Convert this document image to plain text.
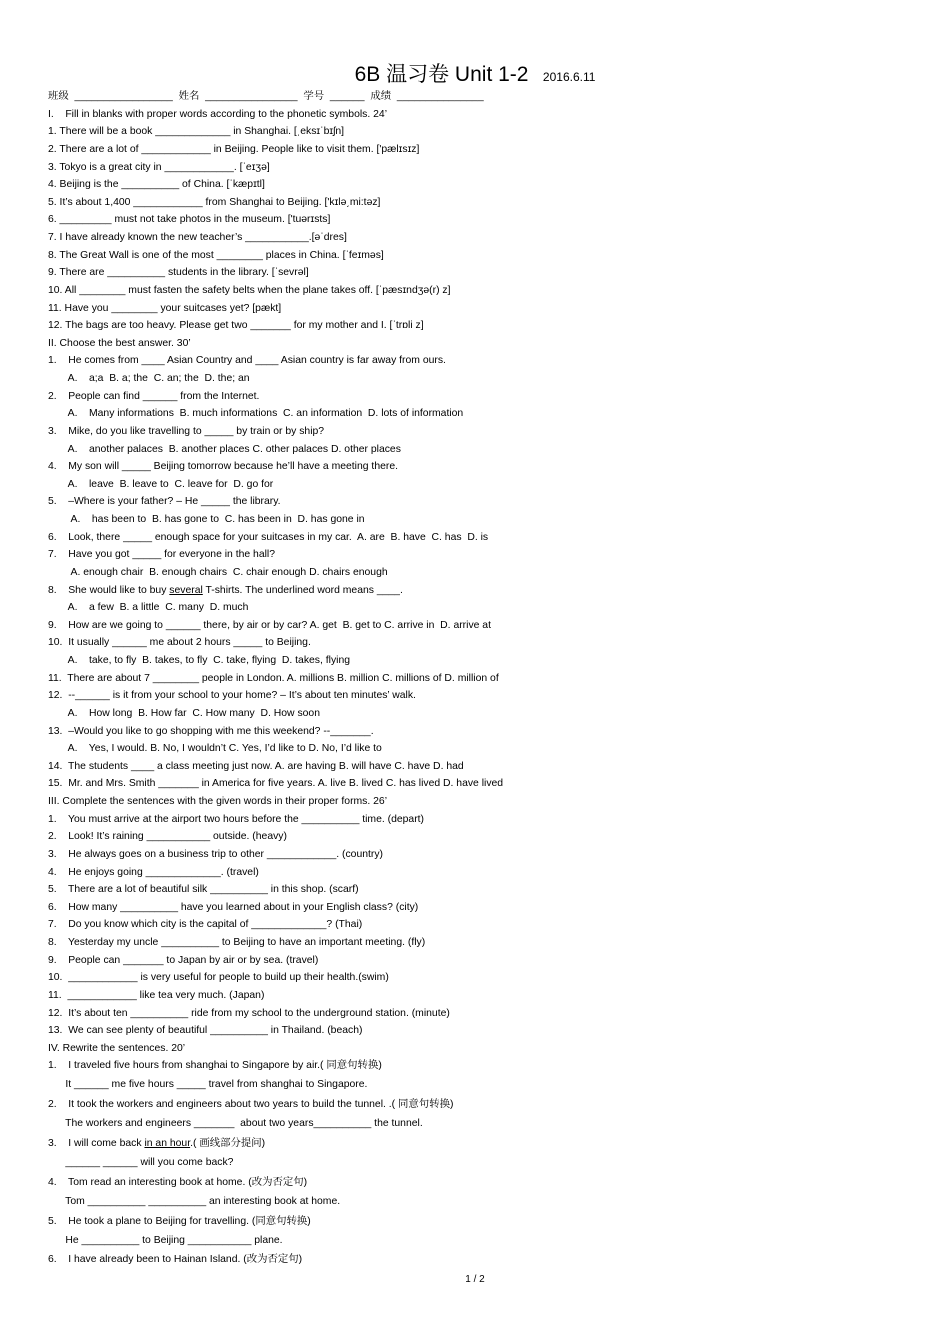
6B 温习卷 Unit 1-2 2016.6.11
班级  _________________  姓名  ________________  学号  ______  成绩  _______________
I.    Fill in blanks with proper words according to the phonetic symbols. 24’
1. There will be a book _____________ in Shanghai. [ˌeksɪˈbɪʃn]
2. There are a lot of ____________ in Beijing. People like to visit them. ['pælɪsɪz]
3. Tokyo is a great city in ____________. [ˈeɪʒə]
4. Beijing is the __________ of China. [ˈkæpɪtl]
5. It’s about 1,400 ____________ from Shanghai to Beijing. ['kɪlə͵mi:təz]
6. _________ must not take photos in the museum. ['tuərɪsts]
7. I have already known the new teacher’s ___________.[əˈdres]
8. The Great Wall is one of the most ________ places in China. [ˈfeɪməs]
9. There are __________ students in the library. [ˈsevrəl]
10. All ________ must fasten the safety belts when the plane takes off. [ˈpæsɪndʒə(r) z]
11. Have you ________ your suitcases yet? [pækt]
12. The bags are too heavy. Please get two _______ for my mother and I. [ˈtrɒli z]
II. Choose the best answer. 30’
1.    He comes from ____ Asian Country and ____ Asian country is far away from ours.
A.    a;a  B. a; the  C. an; the  D. the; an
2.    People can find ______ from the Internet.
A.    Many informations  B. much informations  C. an information  D. lots of information
3.    Mike, do you like travelling to _____ by train or by ship?
A.    another palaces  B. another places C. other palaces D. other places
4.    My son will _____ Beijing tomorrow because he’ll have a meeting there.
A.    leave  B. leave to  C. leave for  D. go for
5.    –Where is your father? – He _____ the library.
A.    has been to  B. has gone to  C. has been in  D. has gone in
6.    Look, there _____ enough space for your suitcases in my car.  A. are  B. have  C. has  D. is
7.    Have you got _____ for everyone in the hall?
A. enough chair  B. enough chairs  C. chair enough D. chairs enough
8.    She would like to buy several T-shirts. The underlined word means ____.
A.    a few  B. a little  C. many  D. much
9.    How are we going to ______ there, by air or by car? A. get  B. get to C. arrive in  D. arrive at
10.  It usually ______ me about 2 hours _____ to Beijing.
A.    take, to fly  B. takes, to fly  C. take, flying  D. takes, flying
11.  There are about 7 ________ people in London. A. millions B. million C. millions of D. million of
12.  --______ is it from your school to your home? – It’s about ten minutes’ walk.
A.    How long  B. How far  C. How many  D. How soon
13.  –Would you like to go shopping with me this weekend? --_______.
A.    Yes, I would. B. No, I wouldn’t C. Yes, I’d like to D. No, I’d like to
14.  The students ____ a class meeting just now. A. are having B. will have C. have D. had
15.  Mr. and Mrs. Smith _______ in America for five years. A. live B. lived C. has lived D. have lived
III. Complete the sentences with the given words in their proper forms. 26’
1.    You must arrive at the airport two hours before the __________ time. (depart)
2.    Look! It’s raining ___________ outside. (heavy)
3.    He always goes on a business trip to other ____________. (country)
4.    He enjoys going _____________. (travel)
5.    There are a lot of beautiful silk __________ in this shop. (scarf)
6.    How many __________ have you learned about in your English class? (city)
7.    Do you know which city is the capital of _____________? (Thai)
8.    Yesterday my uncle __________ to Beijing to have an important meeting. (fly)
9.    People can _______ to Japan by air or by sea. (travel)
10.  ____________ is very useful for people to build up their health.(swim)
11.  ____________ like tea very much. (Japan)
12.  It’s about ten __________ ride from my school to the underground station. (minute)
13.  We can see plenty of beautiful __________ in Thailand. (beach)
IV. Rewrite the sentences. 20’
1.    I traveled five hours from shanghai to Singapore by air.( 同意句转换)
It ______ me five hours _____ travel from shanghai to Singapore.
2.    It took the workers and engineers about two years to build the tunnel. .( 同意句转换)
The workers and engineers _______  about two years__________ the tunnel.
3.    I will come back in an hour.( 画线部分提问)
______ ______ will you come back?
4.    Tom read an interesting book at home. (改为否定句)
Tom __________ __________ an interesting book at home.
5.    He took a plane to Beijing for travelling. (同意句转换)
He __________ to Beijing ___________ plane.
6.    I have already been to Hainan Island. (改为否定句)
1 / 2
